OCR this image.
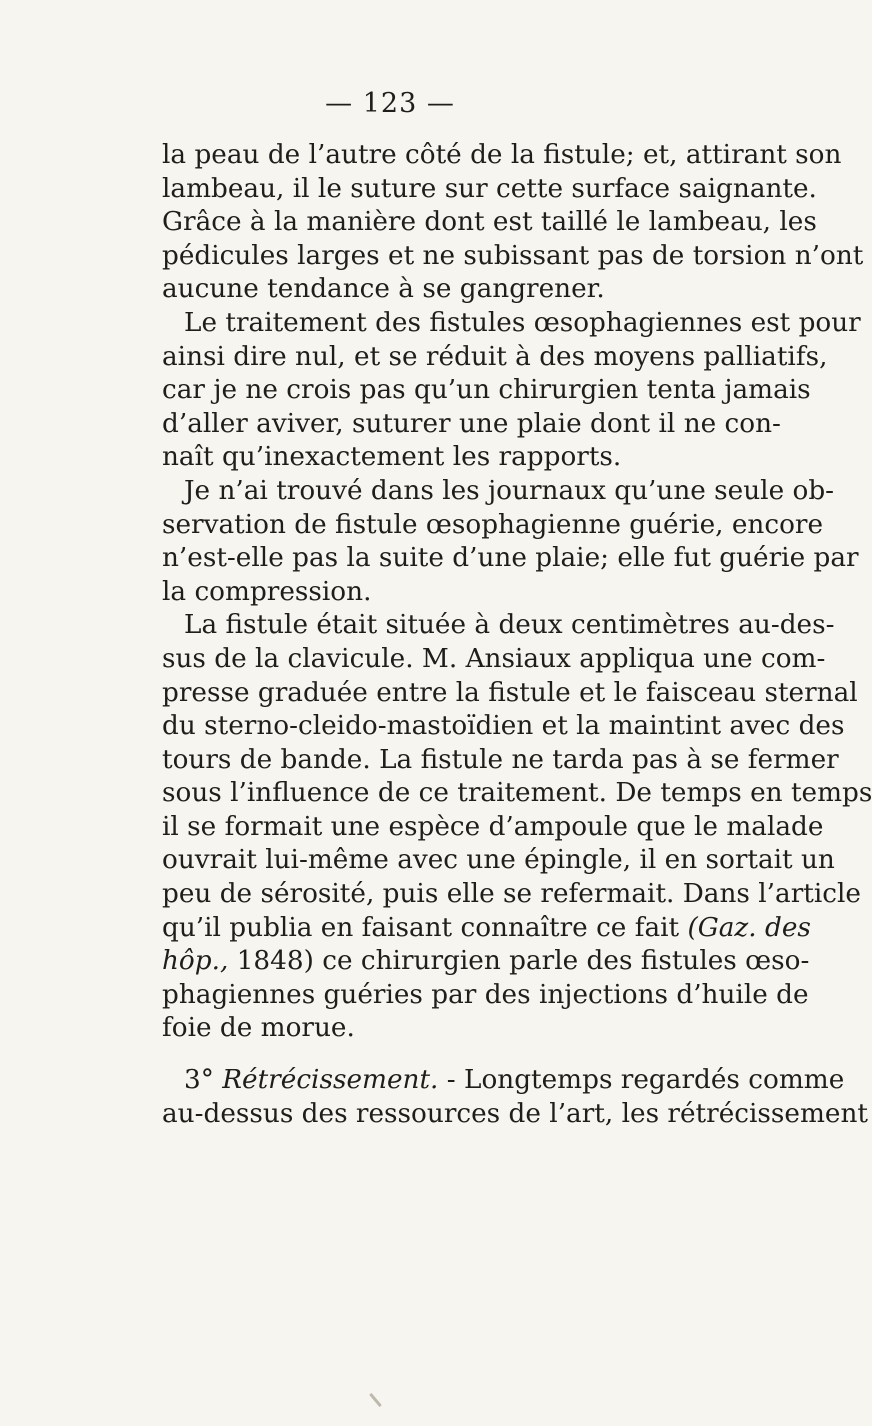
— 123 —
la peau de l’autre côté de la fistule; et, attirant son
lambeau, il le suture sur cette surface saignante.
Grâce à la manière dont est taillé le lambeau, les
pédicules larges et ne subissant pas de torsion n’ont
aucune tendance à se gangrener.
Le traitement des fistules œsophagiennes est pour
ainsi dire nul, et se réduit à des moyens palliatifs,
car je ne crois pas qu’un chirurgien tenta jamais
d’aller aviver, suturer une plaie dont il ne con-
naît qu’inexactement les rapports.
Je n’ai trouvé dans les journaux qu’une seule ob-
servation de fistule œsophagienne guérie, encore
n’est-elle pas la suite d’une plaie; elle fut guérie par
la compression.
La fistule était située à deux centimètres au-des-
sus de la clavicule. M. Ansiaux appliqua une com-
presse graduée entre la fistule et le faisceau sternal
du sterno-cleido-mastoïdien et la maintint avec des
tours de bande. La fistule ne tarda pas à se fermer
sous l’influence de ce traitement. De temps en temps
il se formait une espèce d’ampoule que le malade
ouvrait lui-même avec une épingle, il en sortait un
peu de sérosité, puis elle se refermait. Dans l’article
qu’il publia en faisant connaître ce fait (Gaz. des
hôp., 1848) ce chirurgien parle des fistules œso-
phagiennes guéries par des injections d’huile de
foie de morue.
3° Rétrécissement. - Longtemps regardés comme
au-dessus des ressources de l’art, les rétrécissement
